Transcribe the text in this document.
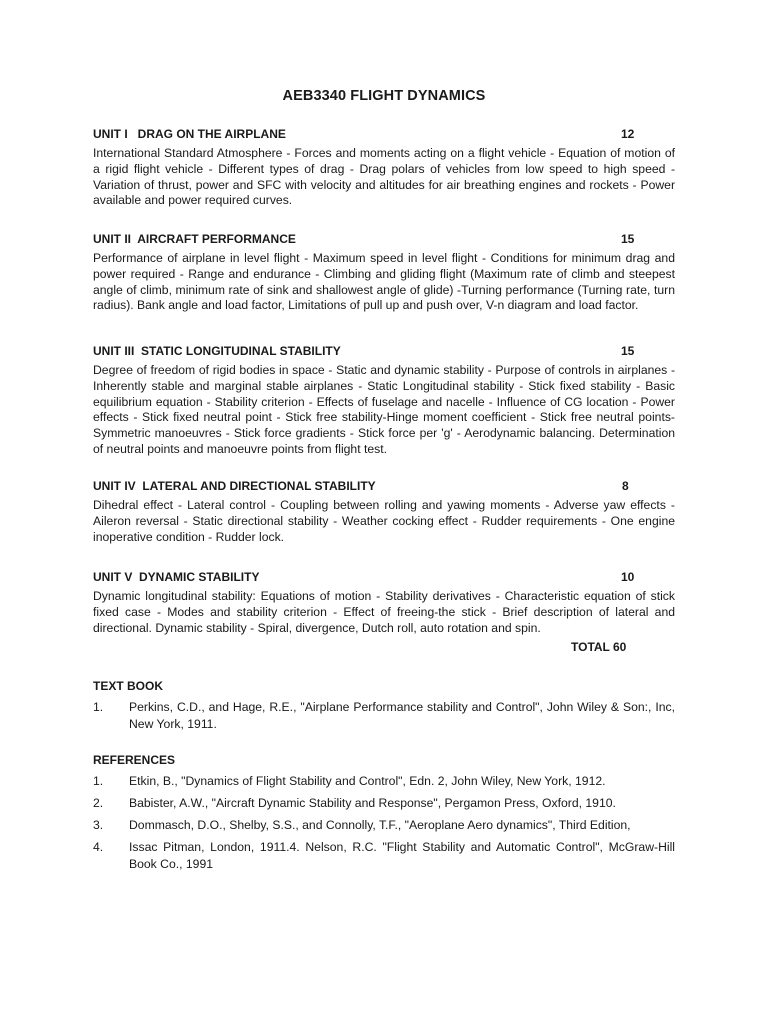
AEB3340 FLIGHT DYNAMICS
UNIT I   DRAG ON THE AIRPLANE	12
International Standard Atmosphere - Forces and moments acting on a flight vehicle - Equation of motion of a rigid flight vehicle - Different types of drag - Drag polars of vehicles from low speed to high speed - Variation of thrust, power and SFC with velocity and altitudes for air breathing engines and rockets - Power available and power required curves.
UNIT II  AIRCRAFT PERFORMANCE	15
Performance of airplane in level flight - Maximum speed in level flight - Conditions for minimum drag and power required - Range and endurance - Climbing and gliding flight (Maximum rate of climb and steepest angle of climb, minimum rate of sink and shallowest angle of glide) -Turning performance (Turning rate, turn radius). Bank angle and load factor, Limitations of pull up and push over, V-n diagram and load factor.
UNIT III  STATIC LONGITUDINAL STABILITY	15
Degree of freedom of rigid bodies in space - Static and dynamic stability - Purpose of controls in airplanes - Inherently stable and marginal stable airplanes - Static Longitudinal stability - Stick fixed stability - Basic equilibrium equation - Stability criterion - Effects of fuselage and nacelle - Influence of CG location - Power effects - Stick fixed neutral point - Stick free stability-Hinge moment coefficient - Stick free neutral points-Symmetric manoeuvres - Stick force gradients - Stick force per 'g' - Aerodynamic balancing. Determination of neutral points and manoeuvre points from flight test.
UNIT IV  LATERAL AND DIRECTIONAL STABILITY	8
Dihedral effect - Lateral control - Coupling between rolling and yawing moments - Adverse yaw effects - Aileron reversal - Static directional stability - Weather cocking effect - Rudder requirements - One engine inoperative condition - Rudder lock.
UNIT V  DYNAMIC STABILITY	10
Dynamic longitudinal stability: Equations of motion - Stability derivatives - Characteristic equation of stick fixed case - Modes and stability criterion - Effect of freeing-the stick - Brief description of lateral and directional. Dynamic stability - Spiral, divergence, Dutch roll, auto rotation and spin.
TOTAL 60
TEXT BOOK
1. Perkins, C.D., and Hage, R.E., "Airplane Performance stability and Control", John Wiley & Son:, Inc, New York, 1911.
REFERENCES
1. Etkin, B., "Dynamics of Flight Stability and Control", Edn. 2, John Wiley, New York, 1912.
2. Babister, A.W., "Aircraft Dynamic Stability and Response", Pergamon Press, Oxford, 1910.
3. Dommasch, D.O., Shelby, S.S., and Connolly, T.F., "Aeroplane Aero dynamics", Third Edition,
4. Issac Pitman, London, 1911.4. Nelson, R.C. "Flight Stability and Automatic Control", McGraw-Hill Book Co., 1991
